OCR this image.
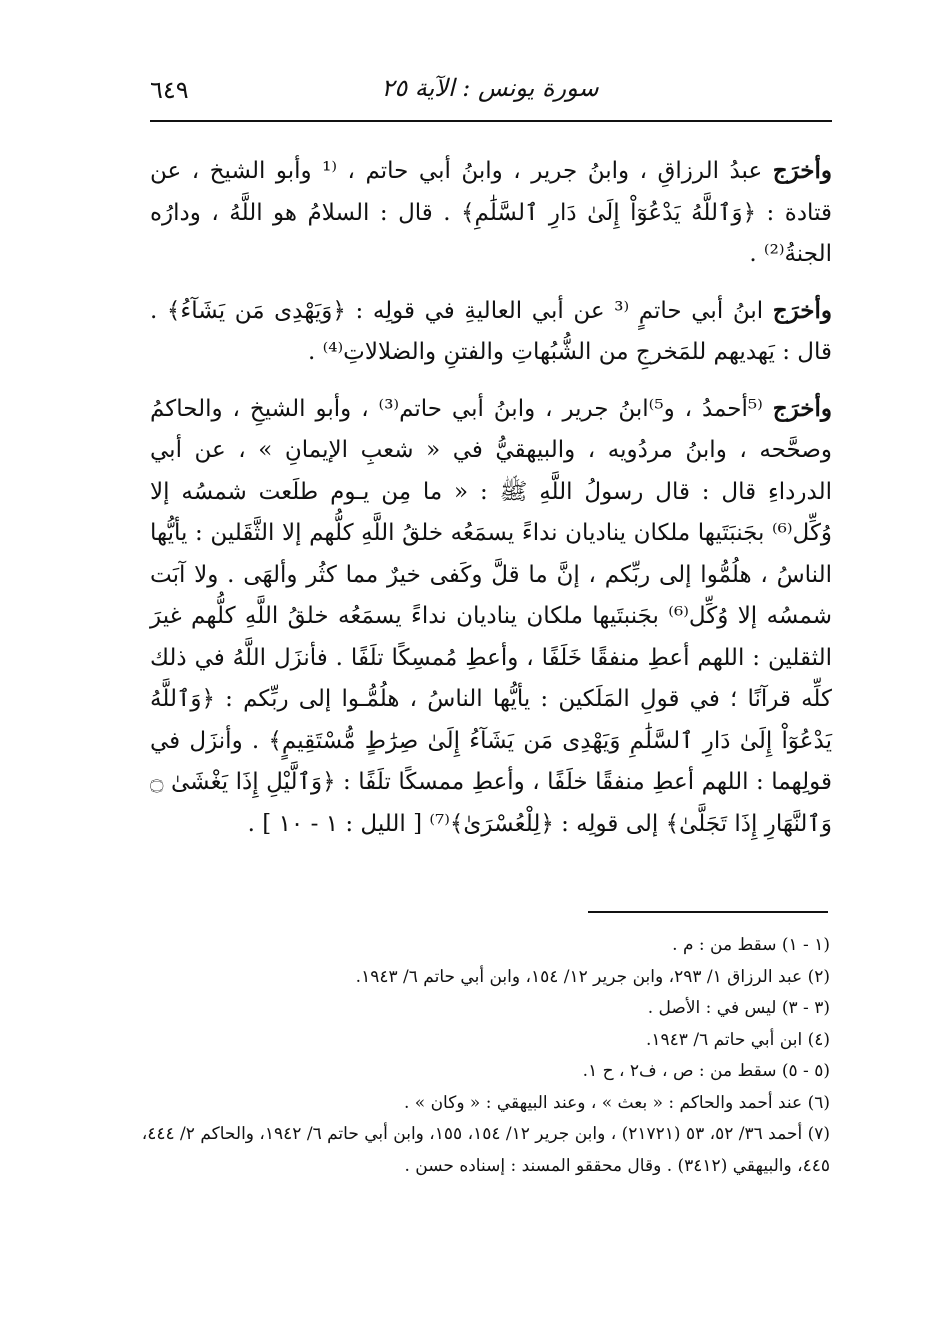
٦٤٩	سورة يونس : الآية ٢٥

وأخرَج عبدُ الرزاقِ ، وابنُ جرير ، وابنُ أبي حاتم ، ⁽¹ وأبو الشيخ ، عن قتادة : ﴿وَٱللَّهُ يَدْعُوٓاْ إِلَىٰ دَارِ ٱلسَّلَٰمِ﴾ . قال : السلامُ هو اللَّهُ ، ودارُه الجنةُ⁽²⁾ .

وأخرَج ابنُ أبي حاتمٍ ⁽³ عن أبي العاليةِ في قولِه : ﴿وَيَهْدِى مَن يَشَآءُ﴾ . قال : يَهديهم للمَخرجِ من الشُّبُهاتِ والفتنِ والضلالاتِ⁽⁴⁾ .

وأخرَج ⁽⁵أحمدُ ، و⁵⁾ابنُ جرير ، وابنُ أبي حاتم⁽³⁾ ، وأبو الشيخِ ، والحاكمُ وصحَّحه ، وابنُ مردُويه ، والبيهقيُّ في « شعبِ الإيمانِ » ، عن أبي الدرداءِ قال : قال رسولُ اللَّهِ ﷺ : « ما مِن يـوم طلَعت شمسُه إلا وُكِّل⁽⁶⁾ بجَنبَتَيها ملكان يناديان نداءً يسمَعُه خلقُ اللَّهِ كلُّهم إلا الثَّقَلين : يأيُّها الناسُ ، هلُمُّوا إلى ربِّكم ، إنَّ ما قلَّ وكَفى خيرٌ مما كثُر وألهَى . ولا آبَت شمسُه إلا وُكِّل⁽⁶⁾ بجَنبتَيها ملكان يناديان نداءً يسمَعُه خلقُ اللَّهِ كلُّهم غيرَ الثقلين : اللهم أعطِ منفقًا خَلَفًا ، وأعطِ مُمسِكًا تلَفًا . فأنزَل اللَّهُ في ذلك كلِّه قرآنًا ؛ في قولِ المَلَكين : يأيُّها الناسُ ، هلُمُّـوا إلى ربِّكم : ﴿وَٱللَّهُ يَدْعُوٓاْ إِلَىٰ دَارِ ٱلسَّلَٰمِ وَيَهْدِى مَن يَشَآءُ إِلَىٰ صِرَٰطٍ مُّسْتَقِيمٍ﴾ . وأنزَل في قولِهما : اللهم أعطِ منفقًا خلَفًا ، وأعطِ ممسكًا تلَفًا : ﴿وَٱلَّيْلِ إِذَا يَغْشَىٰ ۝ وَٱلنَّهَارِ إِذَا تَجَلَّىٰ﴾ إلى قولِه : ﴿لِلْعُسْرَىٰ﴾⁽⁷⁾ [ الليل : ١ - ١٠ ] .

(١ - ١) سقط من : م .

(٢) عبد الرزاق ١/ ٢٩٣، وابن جرير ١٢/ ١٥٤، وابن أبي حاتم ٦/ ١٩٤٣.

(٣ - ٣) ليس في : الأصل .

(٤) ابن أبي حاتم ٦/ ١٩٤٣.

(٥ - ٥) سقط من : ص ، ف٢ ، ح ١.

(٦) عند أحمد والحاكم : « بعث » ، وعند البيهقي : « وكان » .

(٧) أحمد ٣٦/ ٥٢، ٥٣ (٢١٧٢١) ، وابن جرير ١٢/ ١٥٤، ١٥٥، وابن أبي حاتم ٦/ ١٩٤٢، والحاكم ٢/ ٤٤٤، ٤٤٥، والبيهقي (٣٤١٢) . وقال محققو المسند : إسناده حسن .
